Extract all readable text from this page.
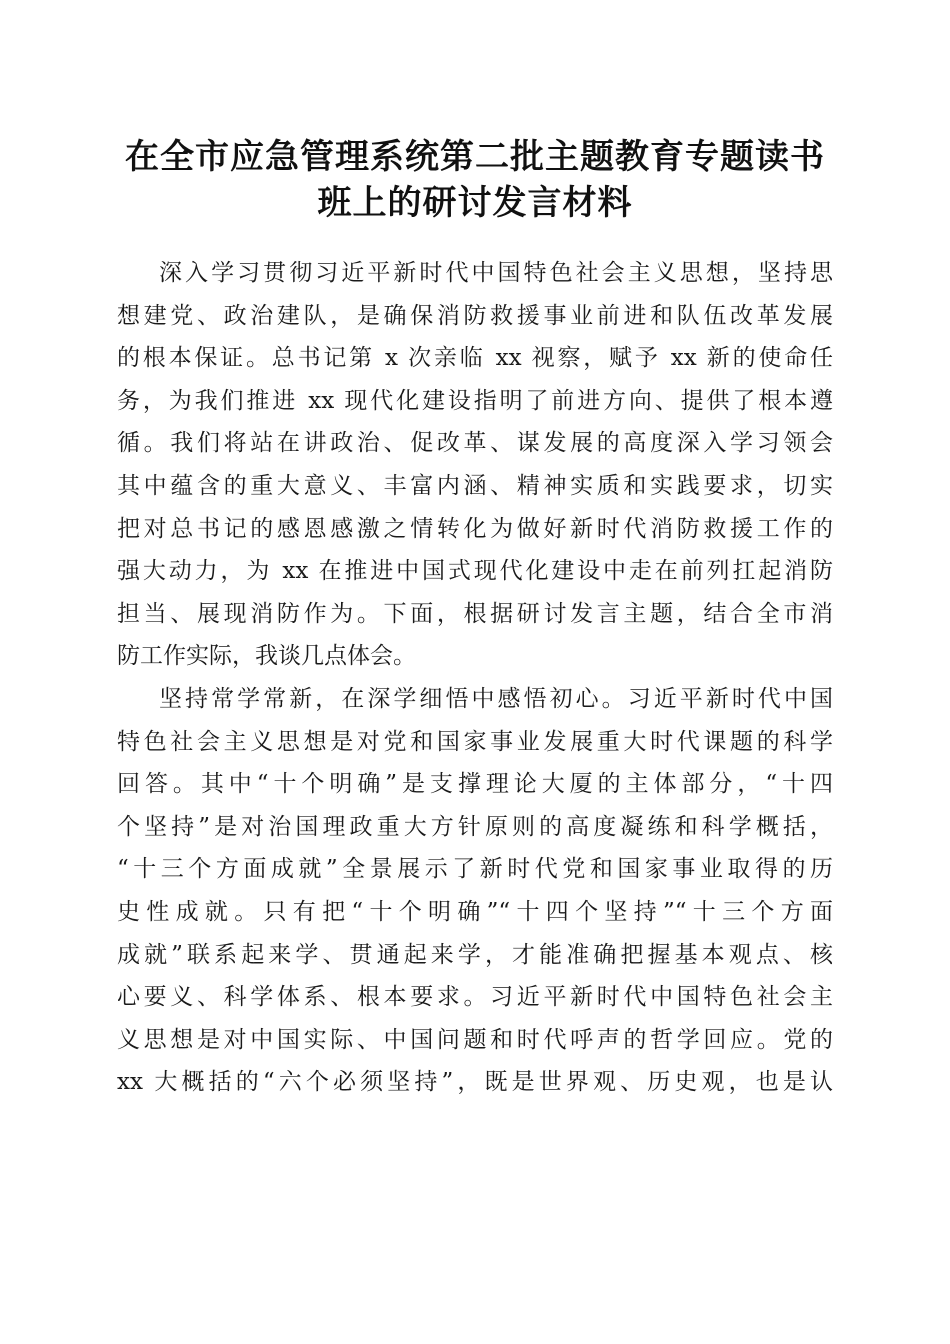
在全市应急管理系统第二批主题教育专题读书
班上的研讨发言材料
深入学习贯彻习近平新时代中国特色社会主义思想，坚持思
想建党、政治建队，是确保消防救援事业前进和队伍改革发展
的根本保证。总书记第 x 次亲临 xx 视察，赋予 xx 新的使命任
务，为我们推进 xx 现代化建设指明了前进方向、提供了根本遵
循。我们将站在讲政治、促改革、谋发展的高度深入学习领会
其中蕴含的重大意义、丰富内涵、精神实质和实践要求，切实
把对总书记的感恩感激之情转化为做好新时代消防救援工作的
强大动力，为 xx 在推进中国式现代化建设中走在前列扛起消防
担当、展现消防作为。下面，根据研讨发言主题，结合全市消
防工作实际，我谈几点体会。
坚持常学常新，在深学细悟中感悟初心。习近平新时代中国
特色社会主义思想是对党和国家事业发展重大时代课题的科学
回答。其中“十个明确”是支撑理论大厦的主体部分，“十四
个坚持”是对治国理政重大方针原则的高度凝练和科学概括，
“十三个方面成就”全景展示了新时代党和国家事业取得的历
史性成就。只有把“十个明确”“十四个坚持”“十三个方面
成就”联系起来学、贯通起来学，才能准确把握基本观点、核
心要义、科学体系、根本要求。习近平新时代中国特色社会主
义思想是对中国实际、中国问题和时代呼声的哲学回应。党的
xx 大概括的“六个必须坚持”，既是世界观、历史观，也是认
